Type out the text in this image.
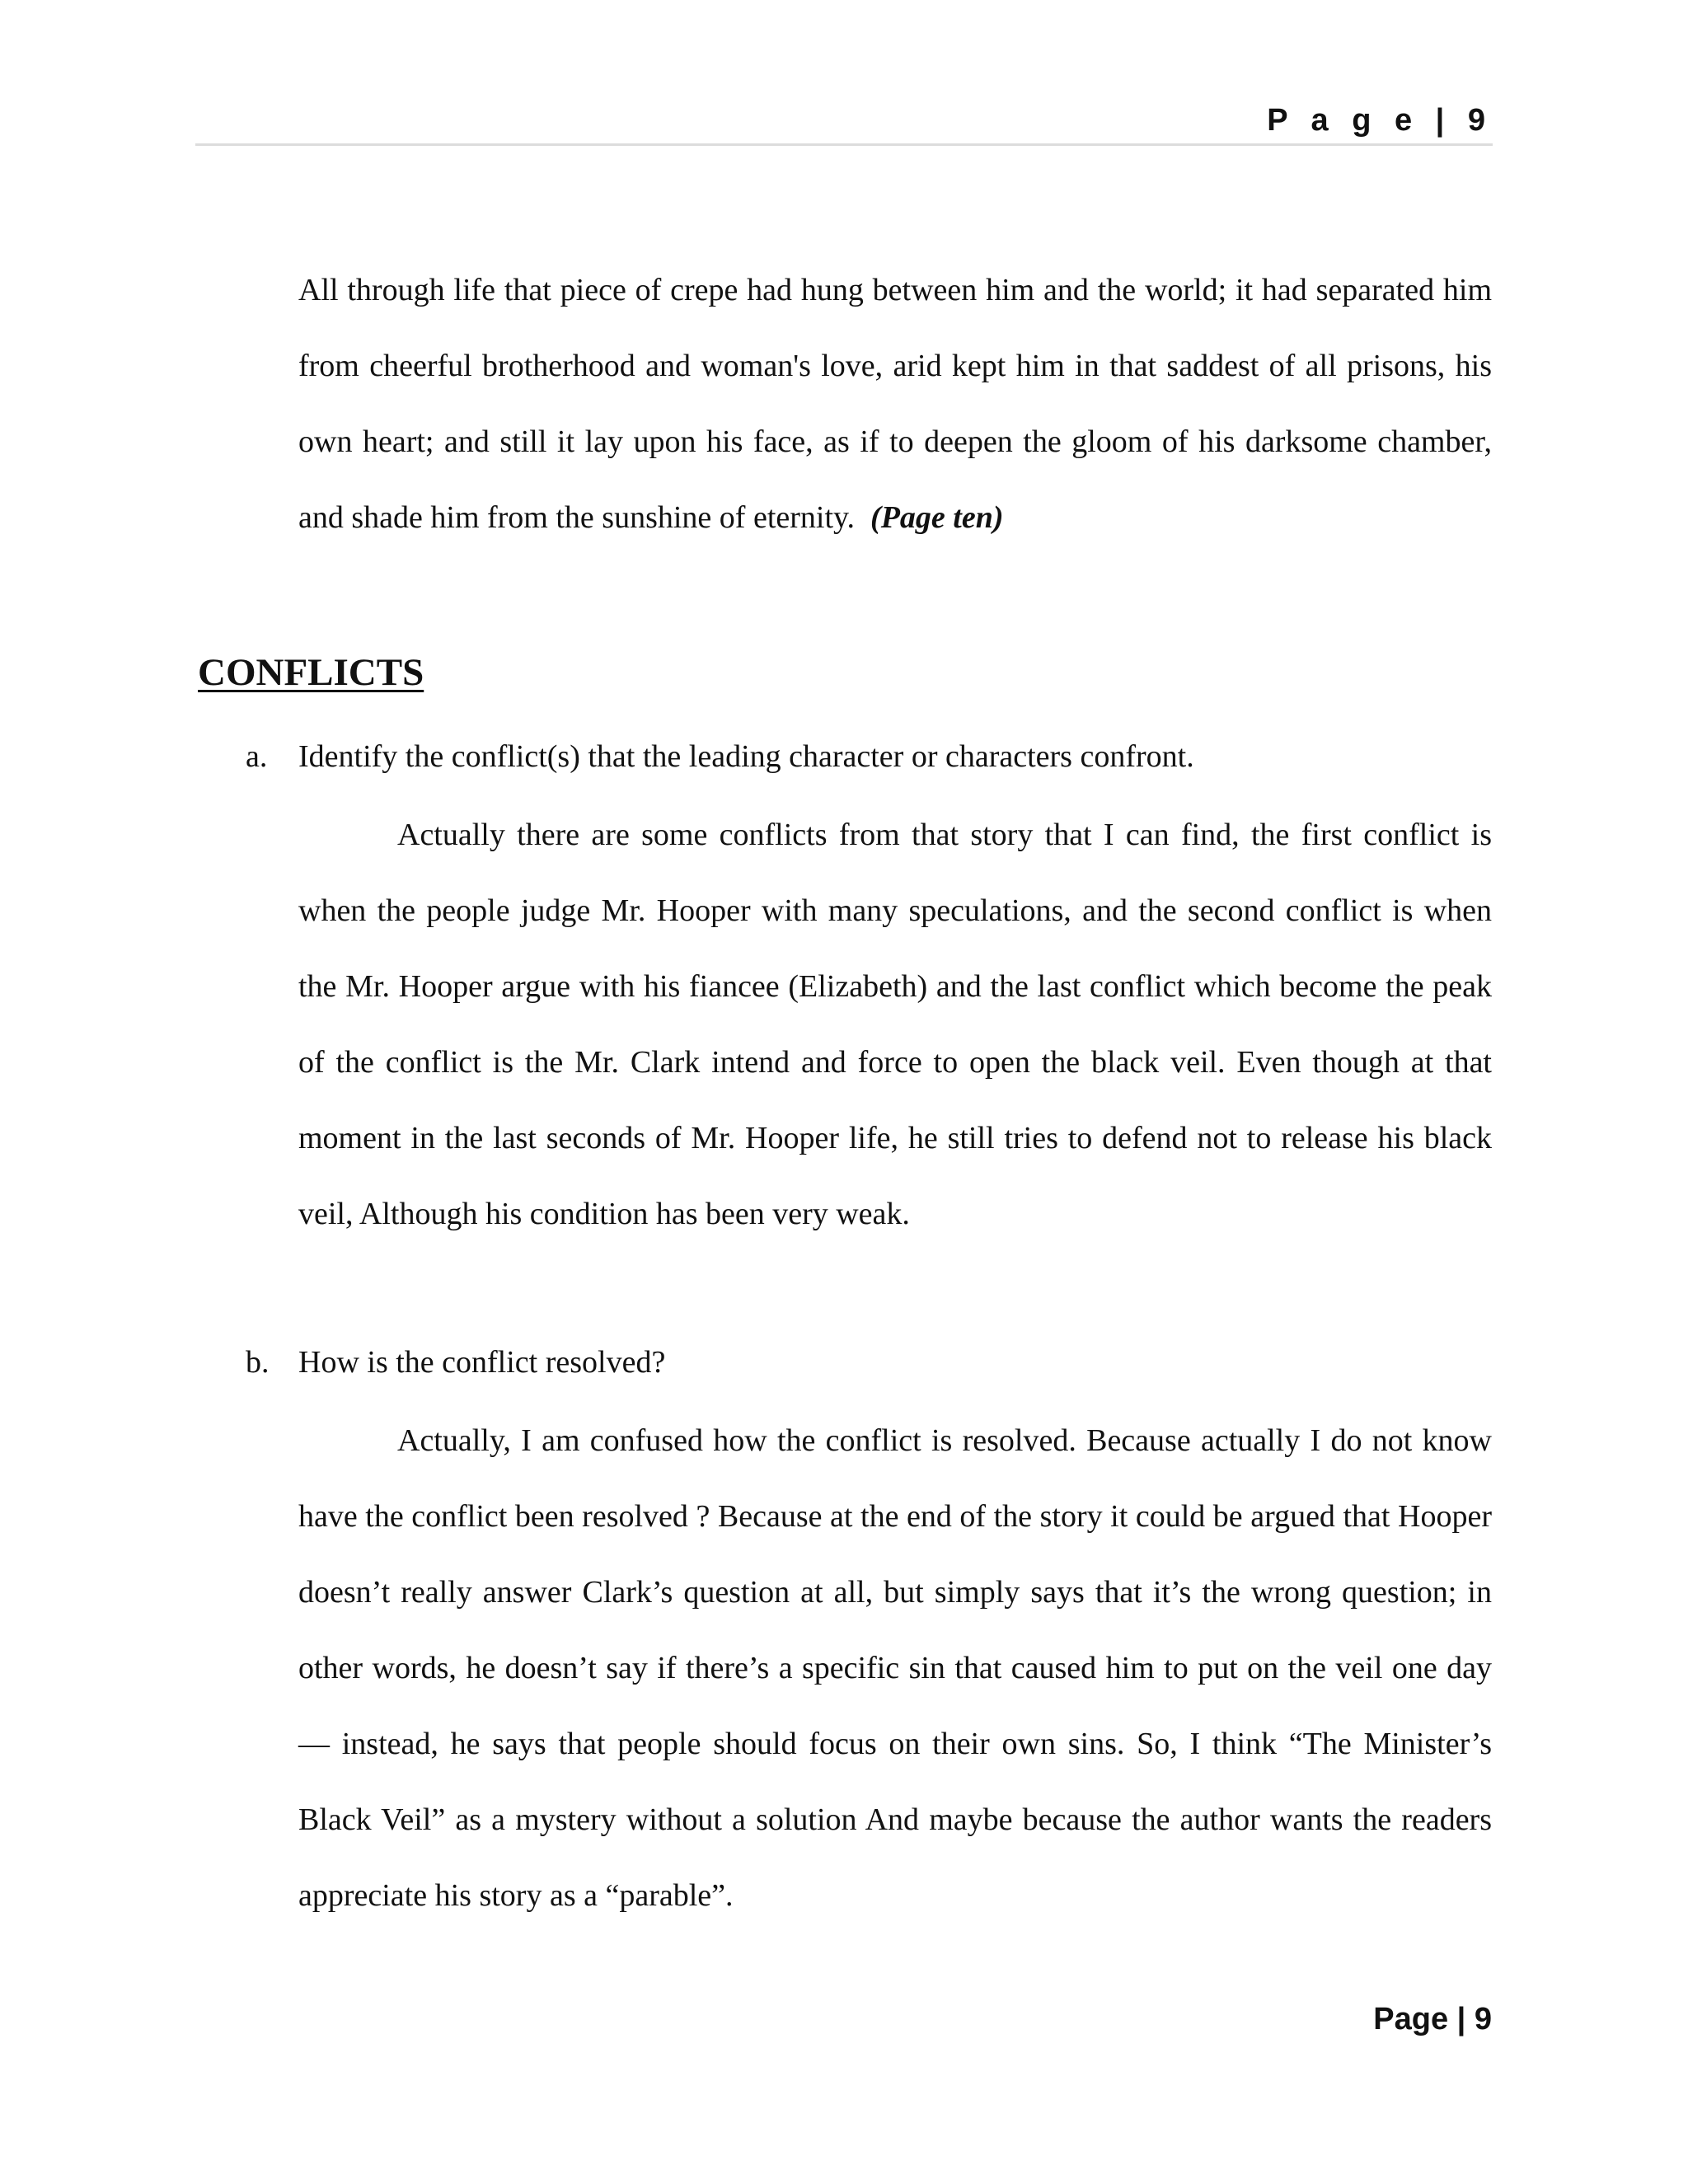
P a g e | 9

All through life that piece of crepe had hung between him and the world; it had separated him from cheerful brotherhood and woman's love, arid kept him in that saddest of all prisons, his own heart; and still it lay upon his face, as if to deepen the gloom of his darksome chamber, and shade him from the sunshine of eternity. (Page ten)

CONFLICTS
a. Identify the conflict(s) that the leading character or characters confront.

Actually there are some conflicts from that story that I can find, the first conflict is when the people judge Mr. Hooper with many speculations, and the second conflict is when the Mr. Hooper argue with his fiancee (Elizabeth) and the last conflict which become the peak of the conflict is the Mr. Clark intend and force to open the black veil. Even though at that moment in the last seconds of Mr. Hooper life, he still tries to defend not to release his black veil, Although his condition has been very weak.

b. How is the conflict resolved?

Actually, I am confused how the conflict is resolved. Because actually I do not know have the conflict been resolved ? Because at the end of the story it could be argued that Hooper doesn’t really answer Clark’s question at all, but simply says that it’s the wrong question; in other words, he doesn’t say if there’s a specific sin that caused him to put on the veil one day — instead, he says that people should focus on their own sins. So, I think “The Minister’s Black Veil” as a mystery without a solution And maybe because the author wants the readers appreciate his story as a “parable”.

Page | 9
